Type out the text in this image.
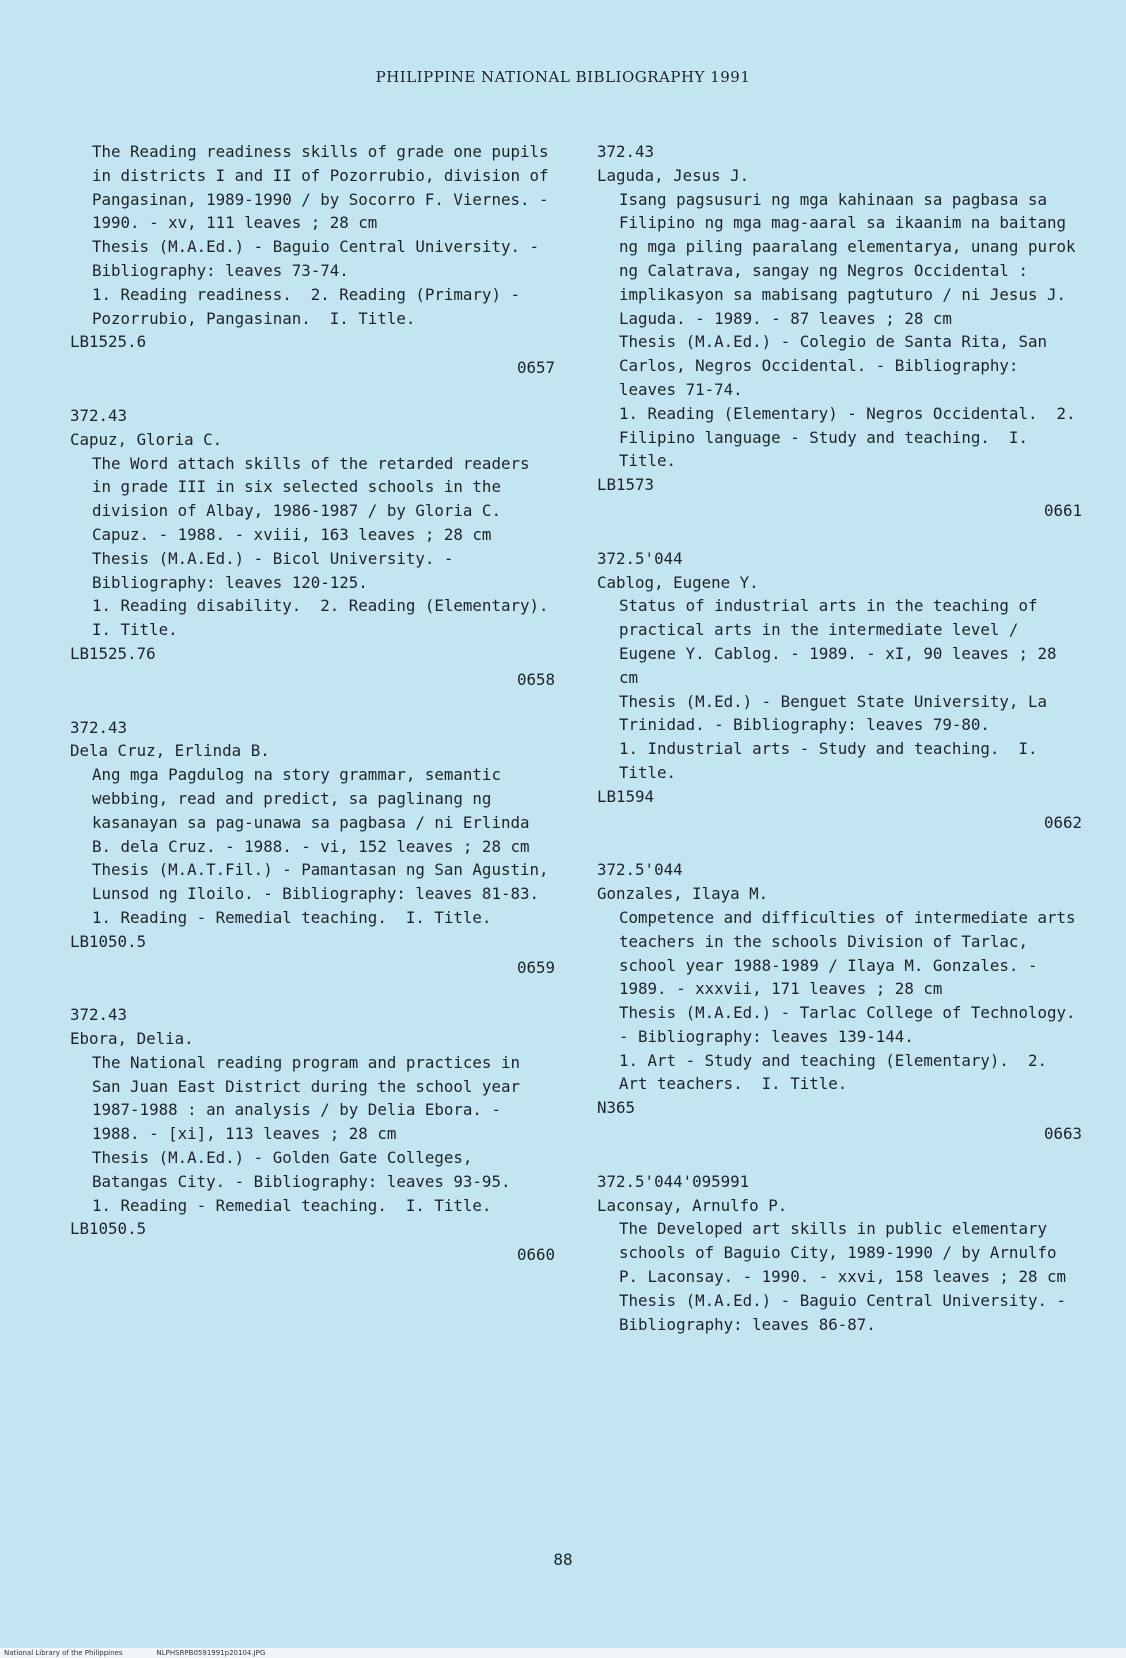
PHILIPPINE NATIONAL BIBLIOGRAPHY 1991

The Reading readiness skills of grade one pupils in districts I and II of Pozorrubio, division of Pangasinan, 1989-1990 / by Socorro F. Viernes. - 1990. - xv, 111 leaves ; 28 cm

Thesis (M.A.Ed.) - Baguio Central University. - Bibliography: leaves 73-74.

1. Reading readiness.  2. Reading (Primary) - Pozorrubio, Pangasinan.  I. Title.

LB1525.6

0657

372.43

Capuz, Gloria C.

The Word attach skills of the retarded readers in grade III in six selected schools in the division of Albay, 1986-1987 / by Gloria C. Capuz. - 1988. - xviii, 163 leaves ; 28 cm

Thesis (M.A.Ed.) - Bicol University. - Bibliography: leaves 120-125.

1. Reading disability.  2. Reading (Elementary).  I. Title.

LB1525.76

0658

372.43

Dela Cruz, Erlinda B.

Ang mga Pagdulog na story grammar, semantic webbing, read and predict, sa paglinang ng kasanayan sa pag-unawa sa pagbasa / ni Erlinda B. dela Cruz. - 1988. - vi, 152 leaves ; 28 cm

Thesis (M.A.T.Fil.) - Pamantasan ng San Agustin, Lunsod ng Iloilo. - Bibliography: leaves 81-83.

1. Reading - Remedial teaching.  I. Title.

LB1050.5

0659

372.43

Ebora, Delia.

The National reading program and practices in San Juan East District during the school year 1987-1988 : an analysis / by Delia Ebora. - 1988. - [xi], 113 leaves ; 28 cm

Thesis (M.A.Ed.) - Golden Gate Colleges, Batangas City. - Bibliography: leaves 93-95.

1. Reading - Remedial teaching.  I. Title.

LB1050.5

0660

372.43

Laguda, Jesus J.

Isang pagsusuri ng mga kahinaan sa pagbasa sa Filipino ng mga mag-aaral sa ikaanim na baitang ng mga piling paaralang elementarya, unang purok ng Calatrava, sangay ng Negros Occidental : implikasyon sa mabisang pagtuturo / ni Jesus J. Laguda. - 1989. - 87 leaves ; 28 cm

Thesis (M.A.Ed.) - Colegio de Santa Rita, San Carlos, Negros Occidental. - Bibliography: leaves 71-74.

1. Reading (Elementary) - Negros Occidental.  2. Filipino language - Study and teaching.  I. Title.

LB1573

0661

372.5'044

Cablog, Eugene Y.

Status of industrial arts in the teaching of practical arts in the intermediate level / Eugene Y. Cablog. - 1989. - xI, 90 leaves ; 28 cm

Thesis (M.Ed.) - Benguet State University, La Trinidad. - Bibliography: leaves 79-80.

1. Industrial arts - Study and teaching.  I. Title.

LB1594

0662

372.5'044

Gonzales, Ilaya M.

Competence and difficulties of intermediate arts teachers in the schools Division of Tarlac, school year 1988-1989 / Ilaya M. Gonzales. - 1989. - xxxvii, 171 leaves ; 28 cm

Thesis (M.A.Ed.) - Tarlac College of Technology. - Bibliography: leaves 139-144.

1. Art - Study and teaching (Elementary).  2. Art teachers.  I. Title.

N365

0663

372.5'044'095991

Laconsay, Arnulfo P.

The Developed art skills in public elementary schools of Baguio City, 1989-1990 / by Arnulfo P. Laconsay. - 1990. - xxvi, 158 leaves ; 28 cm

Thesis (M.A.Ed.) - Baguio Central University. - Bibliography: leaves 86-87.

88
National Library of the Philippines	NLPHSRPB0591991p20104.JPG
